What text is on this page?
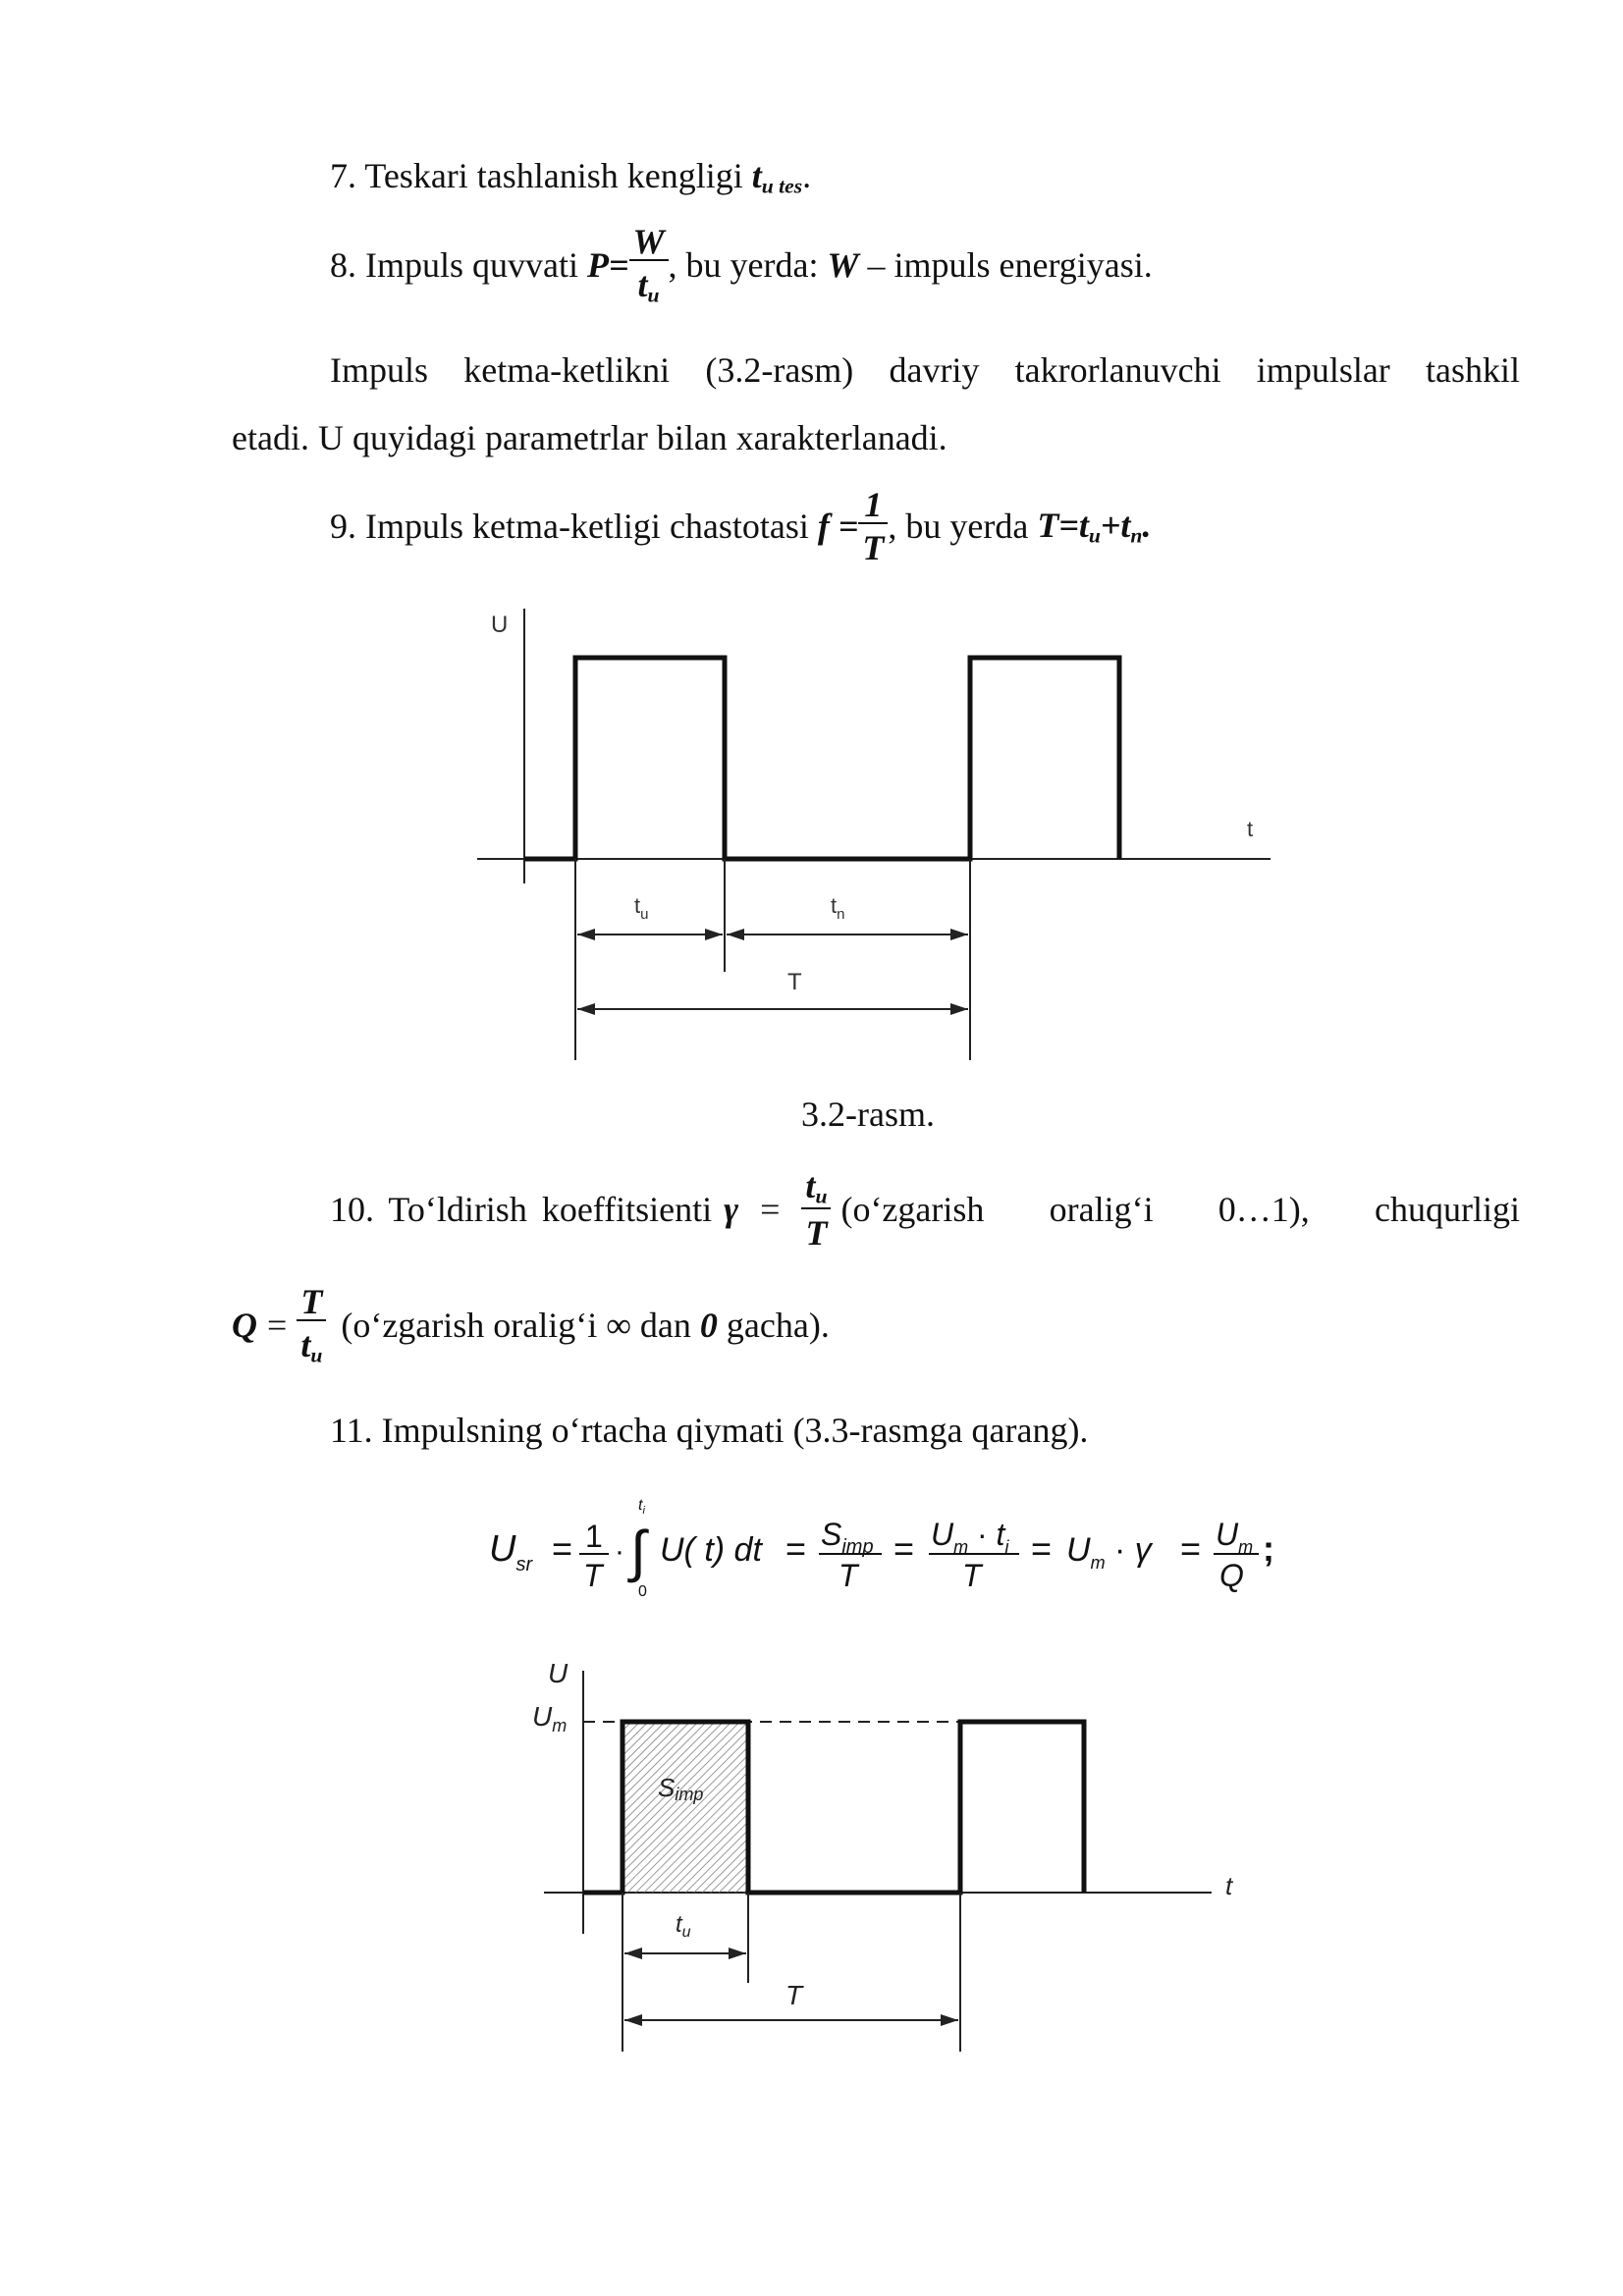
7. Teskari tashlanish kengligi $t_{u tes}$.
8. Impuls quvvati $P= \frac{W}{t_u}$ , bu yerda: W – impuls energiyasi.
Impuls ketma-ketlikni (3.2-rasm) davriy takrorlanuvchi impulslar tashkil
etadi. U quyidagi parametrlar bilan xarakterlanadi.
9. Impuls ketma-ketligi chastotasi $f = \frac{1}{T}$ , bu yerda $T=t_u+t_n$.
U
t
$t_u$	$t_n$
T
3.2-rasm.
10. To‘ldirish koeffitsienti $\gamma = \frac{t_u}{T}$ (o‘zgarish oralig‘i 0…1), chuqurligi
$Q = \frac{T}{t_u}$ (o‘zgarish oralig‘i ∞ dan 0 gacha).
11. Impulsning o‘rtacha qiymati (3.3-rasmga qarang).
$U_{sr} = 1$
T
·
$t_i$
∫
0
U( t) dt = $S_{imp}$
T
= $U_m \cdot t_i$
T
= $U_m \cdot \gamma = U_m$
Q
;
U
$U_m$
t
Simp
$t_u$
T
